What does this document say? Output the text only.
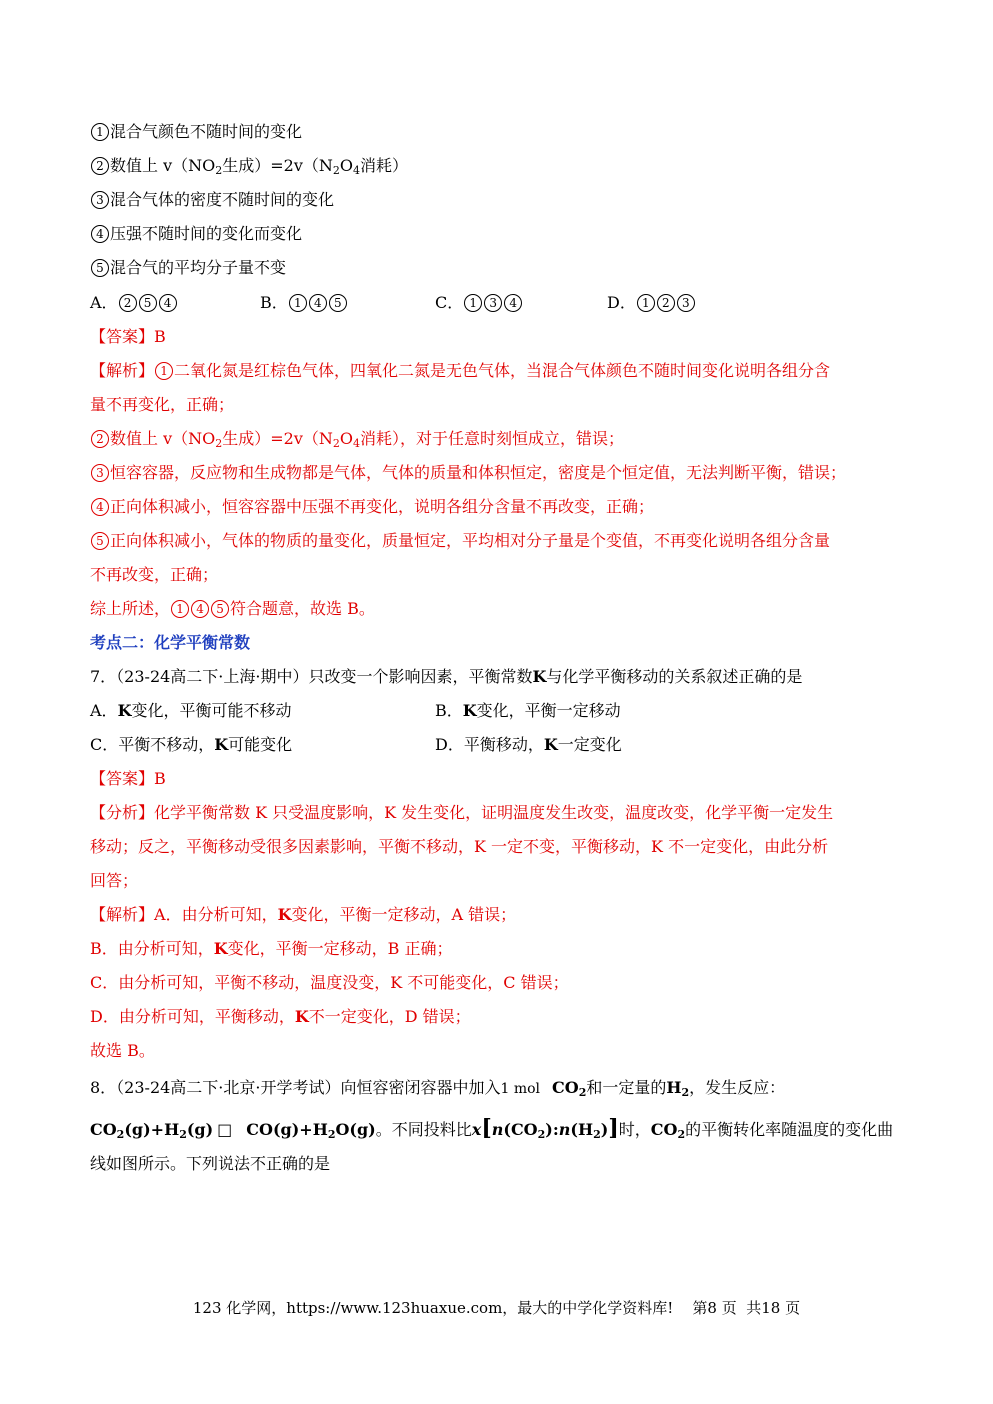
1 混合气颜色不随时间的变化
2 数值上 $v(NO_2$生成）$=2v(N_2O_4$消耗）
3 混合气体的密度不随时间的变化
4 压强不随时间的变化而变化
5 混合气的平均分子量不变
A． 2 5 4	B． 1 4 5	C． 1 3 4	D． 1 2 3
【答案】B
【解析】 1 二氧化氮是红棕色气体，四氧化二氮是无色气体，当混合气体颜色不随时间变化说明各组分含
量不再变化，正确；
2 数值上 $v(NO_2$生成）$=2v(N_2O_4$消耗），对于任意时刻恒成立，错误；
3 恒容容器，反应物和生成物都是气体，气体的质量和体积恒定，密度是个恒定值，无法判断平衡，错误；
4 正向体积减小，恒容容器中压强不再变化，说明各组分含量不再改变，正确；
5 正向体积减小，气体的物质的量变化，质量恒定，平均相对分子量是个变值，不再变化说明各组分含量
不再改变，正确；
综上所述， 1 4 5 符合题意，故选 B。
考点二：化学平衡常数
7．（23-24高二下·上海·期中）只改变一个影响因素，平衡常数K与化学平衡移动的关系叙述正确的是
A．K变化，平衡可能不移动	B．K变化，平衡一定移动
C．平衡不移动，K可能变化	D．平衡移动，K一定变化
【答案】B
【分析】化学平衡常数 K 只受温度影响，K 发生变化，证明温度发生改变，温度改变，化学平衡一定发生
移动；反之，平衡移动受很多因素影响，平衡不移动，K 一定不变，平衡移动，K 不一定变化，由此分析
回答；
【解析】A．由分析可知，K变化，平衡一定移动，A 错误；
B．由分析可知，K变化，平衡一定移动，B 正确；
C．由分析可知，平衡不移动，温度没变，K 不可能变化，C 错误；
D．由分析可知，平衡移动，K不一定变化，D 错误；
故选 B。
8．（23-24高二下·北京·开学考试）向恒容密闭容器中加入1 mol $CO_2$和一定量的$H_2$，发生反应：
$CO_2(g)+H_2(g)$ □ $CO(g)+H_2O(g)$。不同投料比$x[n(CO_2):n(H_2)]$时，$CO_2$的平衡转化率随温度的变化曲
线如图所示。下列说法不正确的是
123 化学网，https://www.123huaxue.com，最大的中学化学资料库!    第8 页  共18 页
